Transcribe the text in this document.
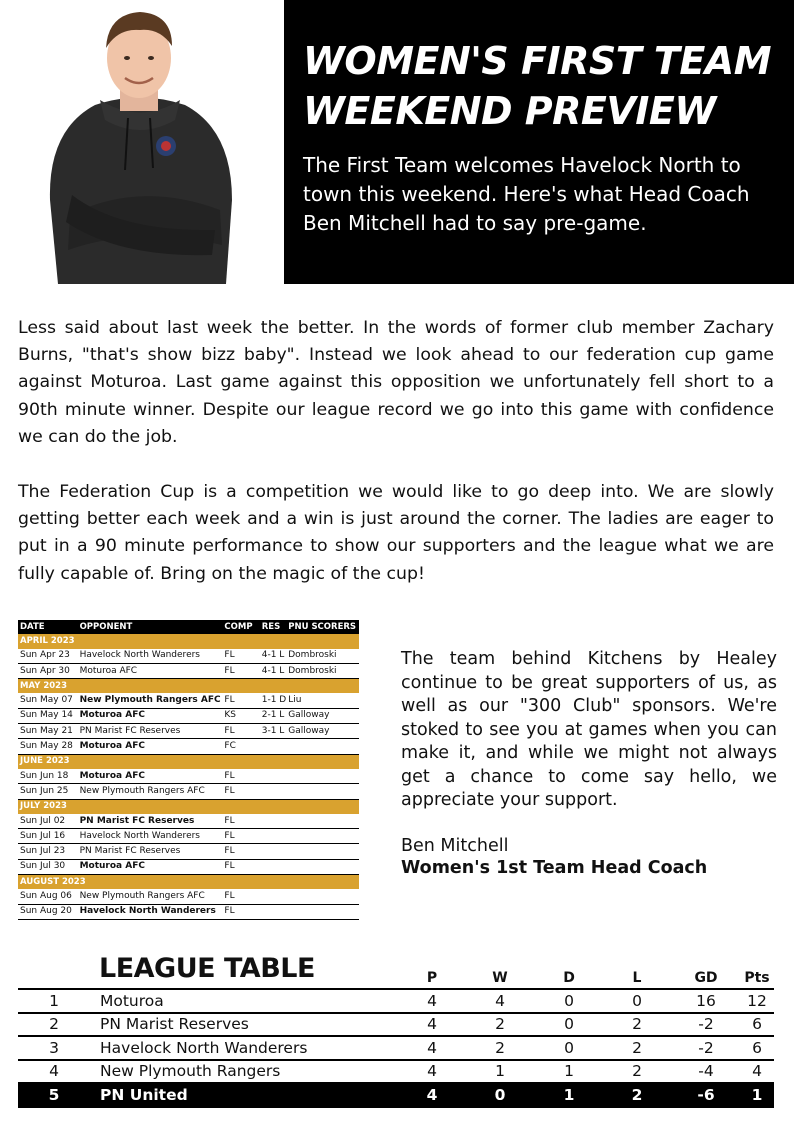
WOMEN'S FIRST TEAM
WEEKEND PREVIEW

The First Team welcomes Havelock North to town this weekend. Here's what Head Coach Ben Mitchell had to say pre-game.

Less said about last week the better. In the words of former club member Zachary Burns, "that's show bizz baby". Instead we look ahead to our federation cup game against Moturoa. Last game against this opposition we unfortunately fell short to a 90th minute winner. Despite our league record we go into this game with confidence we can do the job.

The Federation Cup is a competition we would like to go deep into. We are slowly getting better each week and a win is just around the corner. The ladies are eager to put in a 90 minute performance to show our supporters and the league what we are fully capable of. Bring on the magic of the cup!

DATE	OPPONENT	COMP	RES	PNU SCORERS
APRIL 2023				
Sun Apr 23	Havelock North Wanderers	FL	4-1 L	Dombroski
Sun Apr 30	Moturoa AFC	FL	4-1 L	Dombroski
MAY 2023				
Sun May 07	New Plymouth Rangers AFC	FL	1-1 D	Liu
Sun May 14	Moturoa AFC	KS	2-1 L	Galloway
Sun May 21	PN Marist FC Reserves	FL	3-1 L	Galloway
Sun May 28	Moturoa AFC	FC		
JUNE 2023				
Sun Jun 18	Moturoa AFC	FL		
Sun Jun 25	New Plymouth Rangers AFC	FL		
JULY 2023				
Sun Jul 02	PN Marist FC Reserves	FL		
Sun Jul 16	Havelock North Wanderers	FL		
Sun Jul 23	PN Marist FC Reserves	FL		
Sun Jul 30	Moturoa AFC	FL		
AUGUST 2023				
Sun Aug 06	New Plymouth Rangers AFC	FL		
Sun Aug 20	Havelock North Wanderers	FL		

The team behind Kitchens by Healey continue to be great supporters of us, as well as our "300 Club" sponsors. We're stoked to see you at games when you can make it, and while we might not always get a chance to come say hello, we appreciate your support.

Ben Mitchell
Women's 1st Team Head Coach
LEAGUE TABLE
			P	W	D	L	GD	Pts
1	Moturoa	4	4	0	0	16	12
2	PN Marist Reserves	4	2	0	2	-2	6
3	Havelock North Wanderers	4	2	0	2	-2	6
4	New Plymouth Rangers	4	1	1	2	-4	4
5	PN United	4	0	1	2	-6	1
